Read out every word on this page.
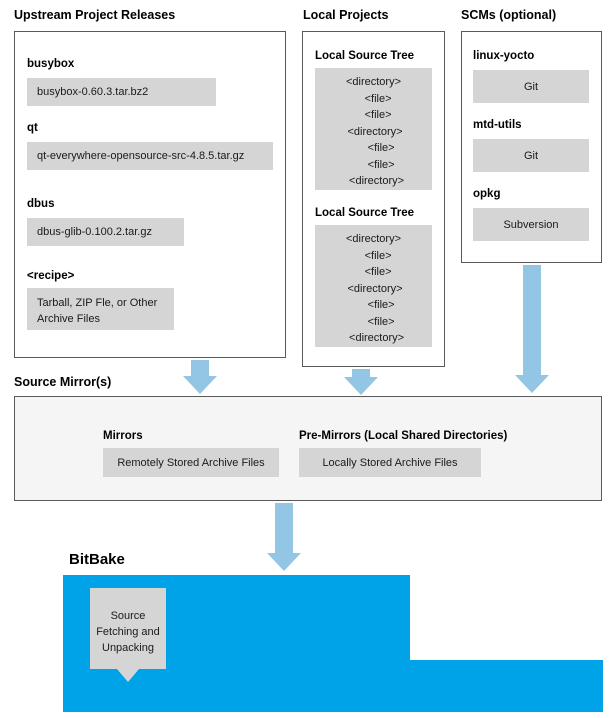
Upstream Project Releases	Local Projects	SCMs (optional)
Source Mirror(s)
BitBake
busybox
busybox-0.60.3.tar.bz2
qt
qt-everywhere-opensource-src-4.8.5.tar.gz
dbus
dbus-glib-0.100.2.tar.gz
<recipe>
Tarball, ZIP Fle, or Other Archive Files
Local Source Tree
<directory>
<file>
<file>
<directory>
<file>
<file>
<directory>
Local Source Tree
<directory>
<file>
<file>
<directory>
<file>
<file>
<directory>
linux-yocto
Git
mtd-utils
Git
opkg
Subversion
Mirrors
Remotely Stored Archive Files
Pre-Mirrors (Local Shared Directories)
Locally Stored Archive Files
Source
Fetching and
Unpacking
